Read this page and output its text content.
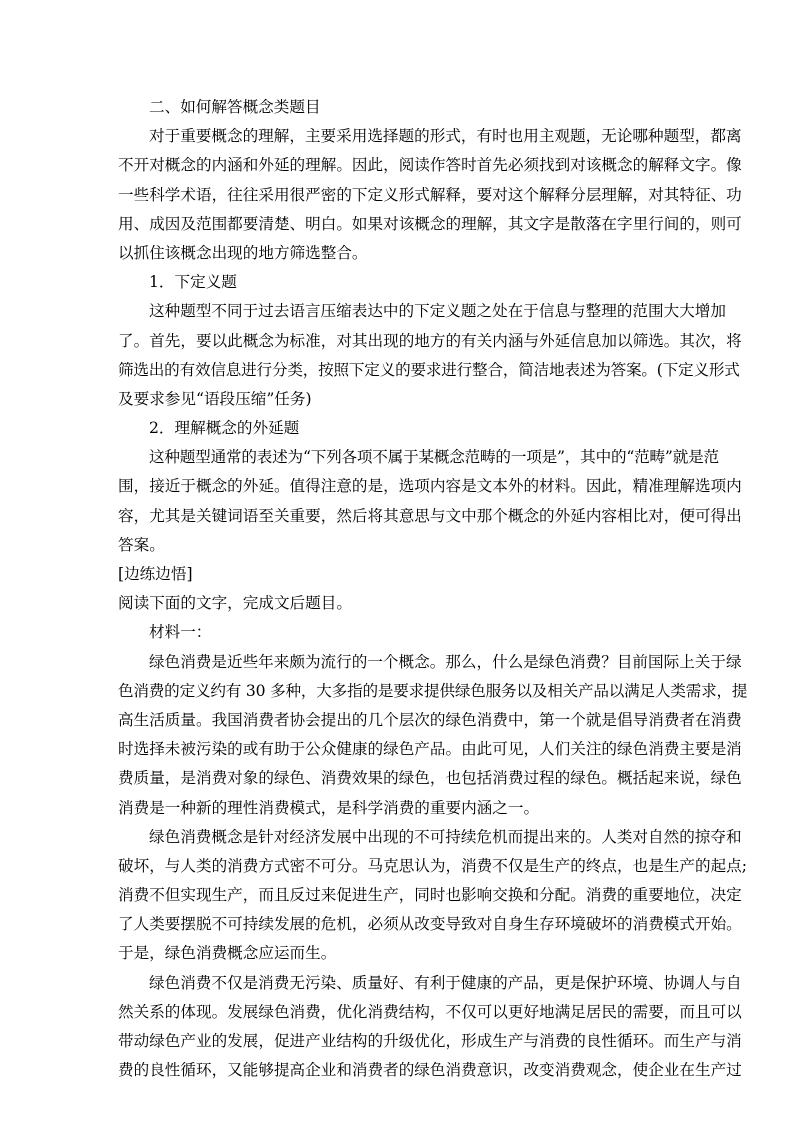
二、如何解答概念类题目
对于重要概念的理解，主要采用选择题的形式，有时也用主观题，无论哪种题型，都离
不开对概念的内涵和外延的理解。因此，阅读作答时首先必须找到对该概念的解释文字。像
一些科学术语，往往采用很严密的下定义形式解释，要对这个解释分层理解，对其特征、功
用、成因及范围都要清楚、明白。如果对该概念的理解，其文字是散落在字里行间的，则可
以抓住该概念出现的地方筛选整合。
1．下定义题
这种题型不同于过去语言压缩表达中的下定义题之处在于信息与整理的范围大大增加
了。首先，要以此概念为标准，对其出现的地方的有关内涵与外延信息加以筛选。其次，将
筛选出的有效信息进行分类，按照下定义的要求进行整合，简洁地表述为答案。(下定义形式
及要求参见“语段压缩”任务)
2．理解概念的外延题
这种题型通常的表述为“下列各项不属于某概念范畴的一项是”，其中的“范畴”就是范
围，接近于概念的外延。值得注意的是，选项内容是文本外的材料。因此，精准理解选项内
容，尤其是关键词语至关重要，然后将其意思与文中那个概念的外延内容相比对，便可得出
答案。
[边练边悟]
阅读下面的文字，完成文后题目。
材料一：
绿色消费是近些年来颇为流行的一个概念。那么，什么是绿色消费？目前国际上关于绿
色消费的定义约有 30 多种，大多指的是要求提供绿色服务以及相关产品以满足人类需求，提
高生活质量。我国消费者协会提出的几个层次的绿色消费中，第一个就是倡导消费者在消费
时选择未被污染的或有助于公众健康的绿色产品。由此可见，人们关注的绿色消费主要是消
费质量，是消费对象的绿色、消费效果的绿色，也包括消费过程的绿色。概括起来说，绿色
消费是一种新的理性消费模式，是科学消费的重要内涵之一。
绿色消费概念是针对经济发展中出现的不可持续危机而提出来的。人类对自然的掠夺和
破坏，与人类的消费方式密不可分。马克思认为，消费不仅是生产的终点，也是生产的起点;
消费不但实现生产，而且反过来促进生产，同时也影响交换和分配。消费的重要地位，决定
了人类要摆脱不可持续发展的危机，必须从改变导致对自身生存环境破坏的消费模式开始。
于是，绿色消费概念应运而生。
绿色消费不仅是消费无污染、质量好、有利于健康的产品，更是保护环境、协调人与自
然关系的体现。发展绿色消费，优化消费结构，不仅可以更好地满足居民的需要，而且可以
带动绿色产业的发展，促进产业结构的升级优化，形成生产与消费的良性循环。而生产与消
费的良性循环，又能够提高企业和消费者的绿色消费意识，改变消费观念，使企业在生产过
